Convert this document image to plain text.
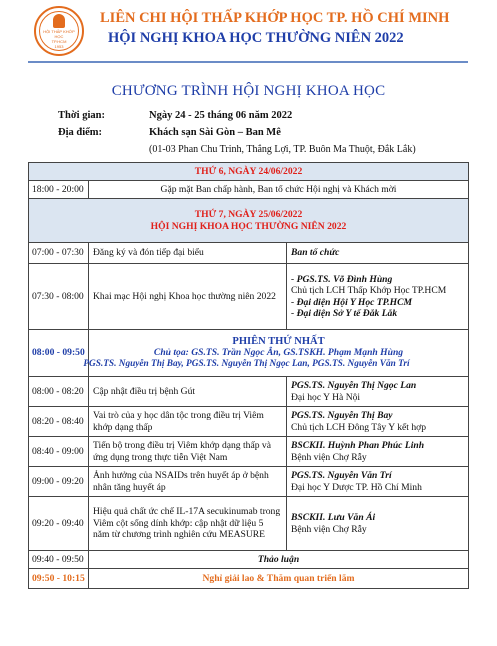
HỘI THẤP KHỚP HỌC
TP.HCM
1953
LIÊN CHI HỘI THẤP KHỚP HỌC TP. HỒ CHÍ MINH
HỘI NGHỊ KHOA HỌC THƯỜNG NIÊN 2022
CHƯƠNG TRÌNH HỘI NGHỊ KHOA HỌC
Thời gian:	Ngày 24 - 25 tháng 06 năm 2022
Địa điểm:	Khách sạn Sài Gòn – Ban Mê
(01-03 Phan Chu Trinh, Thắng Lợi, TP. Buôn Ma Thuột, Đắk Lắk)
THỨ 6, NGÀY 24/06/2022		
18:00 - 20:00	Gặp mặt Ban chấp hành, Ban tổ chức Hội nghị và Khách mời	

THỨ 7, NGÀY 25/06/2022
HỘI NGHỊ KHOA HỌC THƯỜNG NIÊN 2022		

07:00 - 07:30	Đăng ký và đón tiếp đại biểu	Ban tổ chức
07:30 - 08:00	Khai mạc Hội nghị Khoa học thường niên 2022	- PGS.TS. Võ Đình Hùng
Chủ tịch LCH Thấp Khớp Học TP.HCM
- Đại diện Hội Y Học TP.HCM
- Đại diện Sở Y tế Đắk Lắk

08:00 - 09:50	PHIÊN THỨ NHẤT
Chủ tọa: GS.TS. Trần Ngọc Ân, GS.TSKH. Phạm Mạnh Hùng
PGS.TS. Nguyễn Thị Bay, PGS.TS. Nguyễn Thị Ngọc Lan, PGS.TS. Nguyễn Văn Trí	

08:00 - 08:20	Cập nhật điều trị bệnh Gút	PGS.TS. Nguyễn Thị Ngọc Lan
Đại học Y Hà Nội

08:20 - 08:40	Vai trò của y học dân tộc trong điều trị Viêm khớp dạng thấp	PGS.TS. Nguyễn Thị Bay
Chủ tịch LCH Đông Tây Y kết hợp

08:40 - 09:00	Tiến bộ trong điều trị Viêm khớp dạng thấp và ứng dụng trong thực tiễn Việt Nam	BSCKII. Huỳnh Phan Phúc Linh
Bệnh viện Chợ Rẫy

09:00 - 09:20	Ảnh hưởng của NSAIDs trên huyết áp ở bệnh nhân tăng huyết áp	PGS.TS. Nguyễn Văn Trí
Đại học Y Dược TP. Hồ Chí Minh

09:20 - 09:40	Hiệu quả chất ức chế IL-17A secukinumab trong Viêm cột sống dính khớp: cập nhật dữ liệu 5 năm từ chương trình nghiên cứu MEASURE	BSCKII. Lưu Văn Ái
Bệnh viện Chợ Rẫy

09:40 - 09:50	Thảo luận	
09:50 - 10:15	Nghỉ giải lao & Thăm quan triển lãm	
